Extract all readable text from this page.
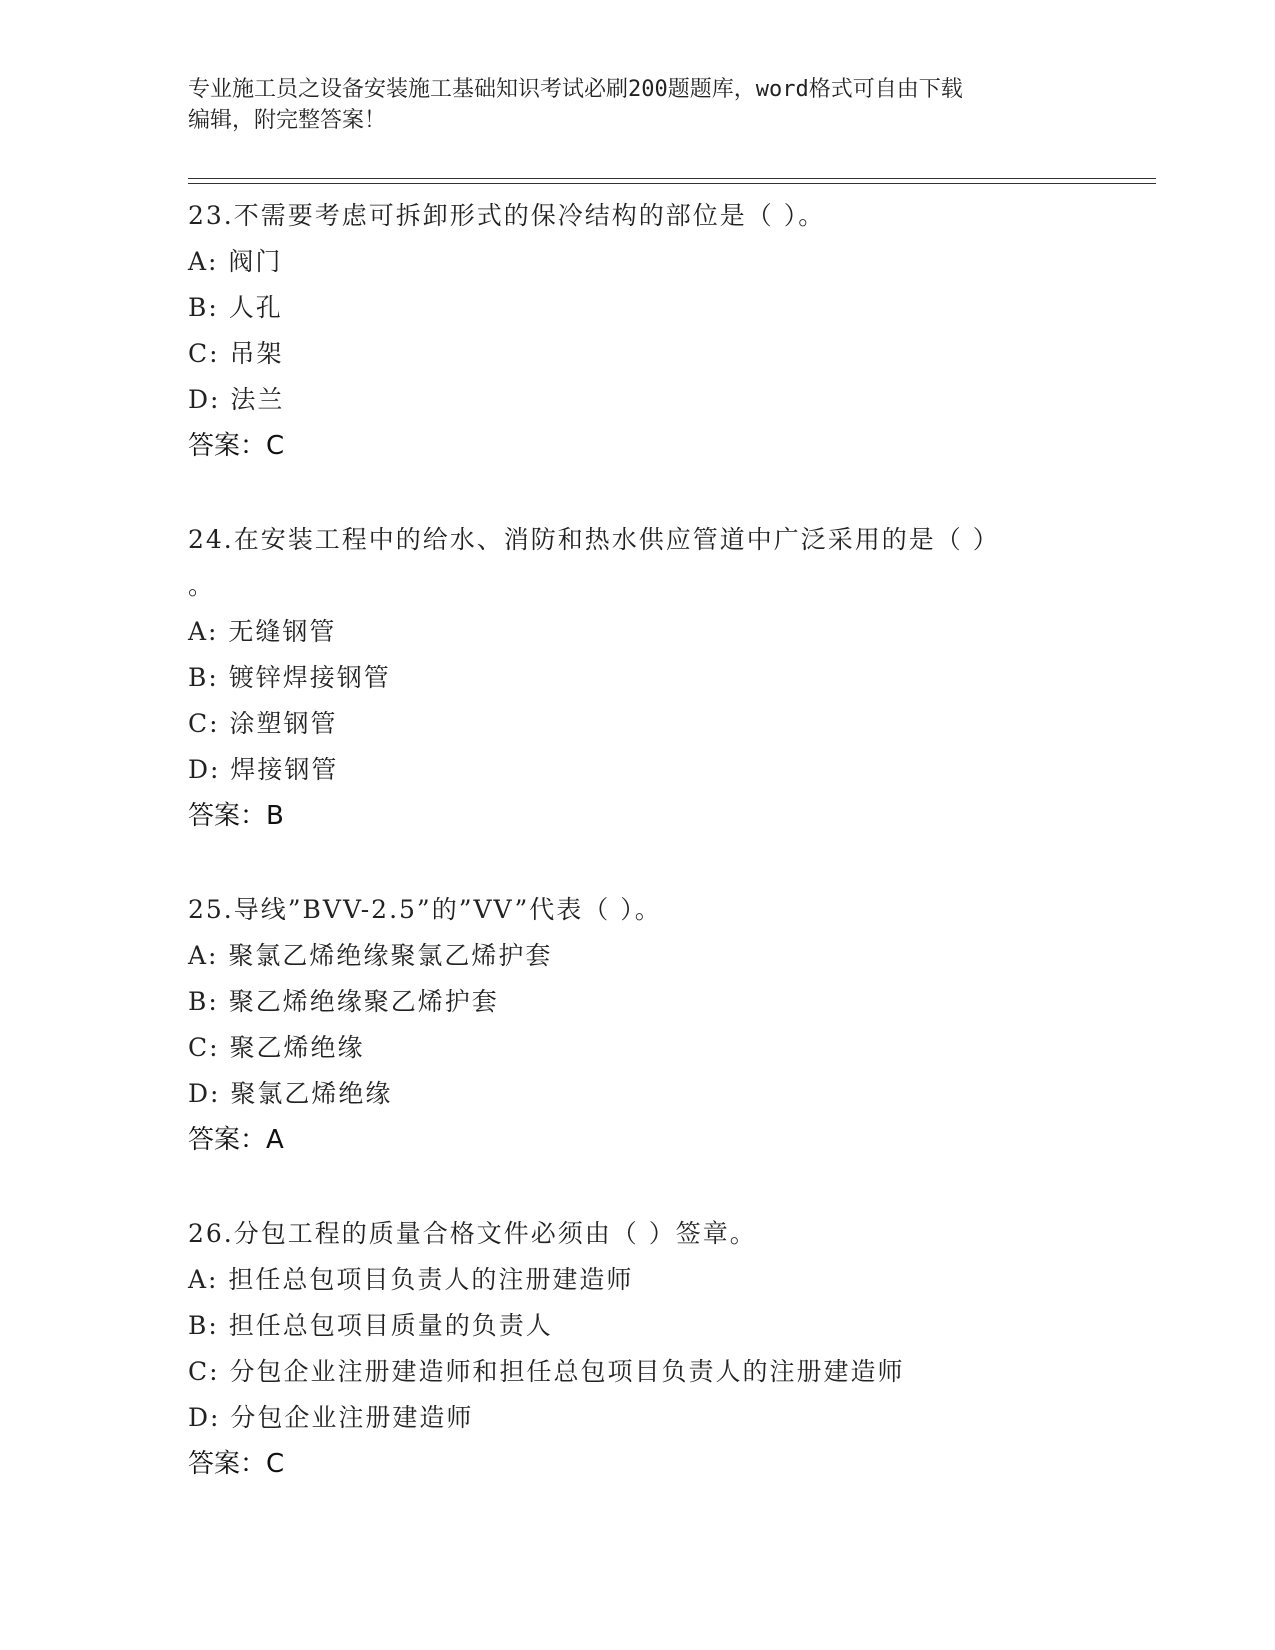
专业施工员之设备安装施工基础知识考试必刷200题题库，word格式可自由下载
编辑，附完整答案！
23.不需要考虑可拆卸形式的保冷结构的部位是（ ）。
A: 阀门
B: 人孔
C: 吊架
D: 法兰
答案：C
24.在安装工程中的给水、消防和热水供应管道中广泛采用的是（ ）
。
A: 无缝钢管
B: 镀锌焊接钢管
C: 涂塑钢管
D: 焊接钢管
答案：B
25.导线”BVV-2.5”的”VV”代表（ ）。
A: 聚氯乙烯绝缘聚氯乙烯护套
B: 聚乙烯绝缘聚乙烯护套
C: 聚乙烯绝缘
D: 聚氯乙烯绝缘
答案：A
26.分包工程的质量合格文件必须由（ ）签章。
A: 担任总包项目负责人的注册建造师
B: 担任总包项目质量的负责人
C: 分包企业注册建造师和担任总包项目负责人的注册建造师
D: 分包企业注册建造师
答案：C
